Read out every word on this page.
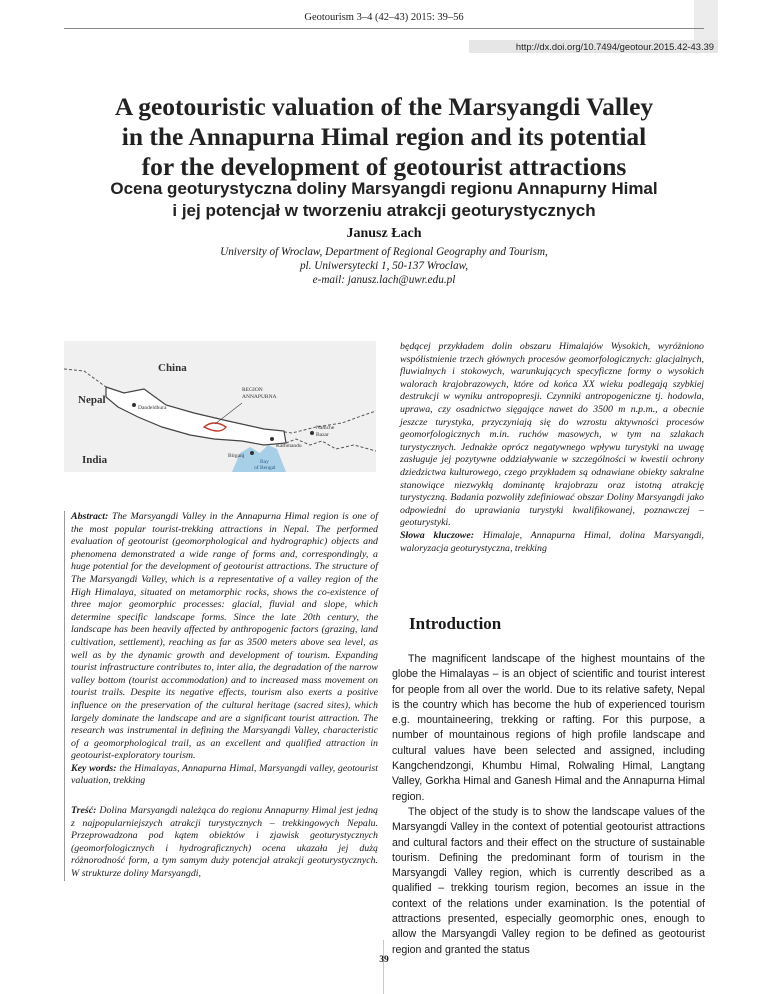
Geotourism 3–4 (42–43) 2015: 39–56
http://dx.doi.org/10.7494/geotour.2015.42-43.39
A geotouristic valuation of the Marsyangdi Valley
in the Annapurna Himal region and its potential
for the development of geotourist attractions
Ocena geoturystyczna doliny Marsyangdi regionu Annapurny Himal
i jej potencjał w tworzeniu atrakcji geoturystycznych
Janusz Łach
University of Wroclaw, Department of Regional Geography and Tourism,
pl. Uniwersytecki 1, 50-137 Wroclaw,
e-mail: janusz.lach@uwr.edu.pl
China
Nepal
India
Dandeldhura
REGION
ANNAPURNA
Namche
Bazar
Kathmandu
Birganj
Bay
of Bengal
Abstract: The Marsyangdi Valley in the Annapurna Himal region is one of the most popular tourist-trekking attractions in Nepal. The performed evaluation of geotourist (geomorphological and hydrographic) objects and phenomena demonstrated a wide range of forms and, correspondingly, a huge potential for the development of geotourist attractions. The structure of The Marsyangdi Valley, which is a representative of a valley region of the High Himalaya, situated on metamorphic rocks, shows the co-existence of three major geomorphic processes: glacial, fluvial and slope, which determine specific landscape forms. Since the late 20th century, the landscape has been heavily affected by anthropogenic factors (grazing, land cultivation, settlement), reaching as far as 3500 meters above sea level, as well as by the dynamic growth and development of tourism. Expanding tourist infrastructure contributes to, inter alia, the degradation of the narrow valley bottom (tourist accommodation) and to increased mass movement on tourist trails. Despite its negative effects, tourism also exerts a positive influence on the preservation of the cultural heritage (sacred sites), which largely dominate the landscape and are a significant tourist attraction. The research was instrumental in defining the Marsyangdi Valley, characteristic of a geomorphological trail, as an excellent and qualified attraction in geotourist-exploratory tourism.
Key words: the Himalayas, Annapurna Himal, Marsyangdi valley, geotourist valuation, trekking
Treść: Dolina Marsyangdi należąca do regionu Annapurny Himal jest jedną z najpopularniejszych atrakcji turystycznych – trekkingowych Nepalu. Przeprowadzona pod kątem obiektów i zjawisk geoturystycznych (geomorfologicznych i hydrograficznych) ocena ukazała jej dużą różnorodność form, a tym samym duży potencjał atrakcji geoturystycznych. W strukturze doliny Marsyangdi,
będącej przykładem dolin obszaru Himalajów Wysokich, wyróżniono współistnienie trzech głównych procesów geomorfologicznych: glacjalnych, fluwialnych i stokowych, warunkujących specyficzne formy o wysokich walorach krajobrazowych, które od końca XX wieku podlegają szybkiej destrukcji w wyniku antropopresji. Czynniki antropogeniczne tj. hodowla, uprawa, czy osadnictwo sięgające nawet do 3500 m n.p.m., a obecnie jeszcze turystyka, przyczyniają się do wzrostu aktywności procesów geomorfologicznych m.in. ruchów masowych, w tym na szlakach turystycznych. Jednakże oprócz negatywnego wpływu turystyki na uwagę zasługuje jej pozytywne oddziaływanie w szczególności w kwestii ochrony dziedzictwa kulturowego, czego przykładem są odnawiane obiekty sakralne stanowiące niezwykłą dominantę krajobrazu oraz istotną atrakcję turystyczną. Badania pozwoliły zdefiniować obszar Doliny Marsyangdi jako odpowiedni do uprawiania turystyki kwalifikowanej, poznawczej – geoturystyki.
Słowa kluczowe: Himalaje, Annapurna Himal, dolina Marsyangdi, waloryzacja geoturystyczna, trekking
Introduction

The magnificent landscape of the highest mountains of the globe the Himalayas – is an object of scientific and tourist interest for people from all over the world. Due to its relative safety, Nepal is the country which has become the hub of experienced tourism e.g. mountaineering, trekking or rafting. For this purpose, a number of mountainous regions of high profile landscape and cultural values have been selected and assigned, including Kangchendzongi, Khumbu Himal, Rolwaling Himal, Langtang Valley, Gorkha Himal and Ganesh Himal and the Annapurna Himal region.

The object of the study is to show the landscape values of the Marsyangdi Valley in the context of potential geotourist attractions and cultural factors and their effect on the structure of sustainable tourism. Defining the predominant form of tourism in the Marsyangdi Valley region, which is currently described as a qualified – trekking tourism region, becomes an issue in the context of the relations under examination. Is the potential of attractions presented, especially geomorphic ones, enough to allow the Marsyangdi Valley region to be defined as geotourist region and granted the status

39
